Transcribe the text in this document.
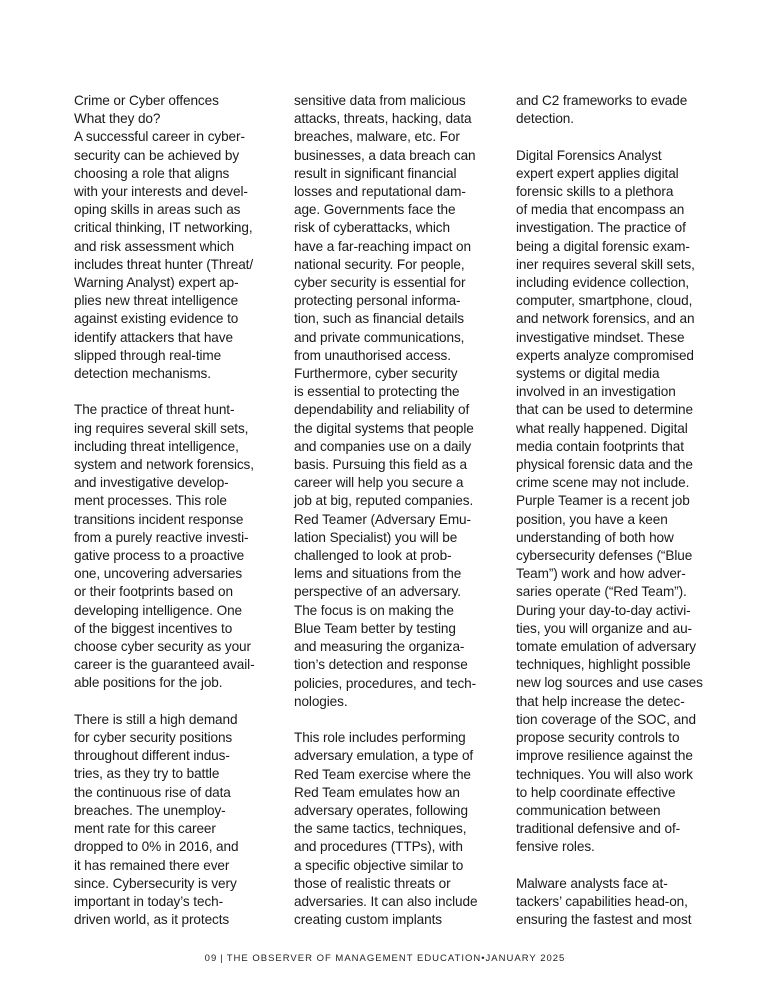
Crime or Cyber offences
What they do?
A successful career in cyber-
security can be achieved by
choosing a role that aligns
with your interests and devel-
oping skills in areas such as
critical thinking, IT networking,
and risk assessment which
includes threat hunter (Threat/
Warning Analyst) expert ap-
plies new threat intelligence
against existing evidence to
identify attackers that have
slipped through real-time
detection mechanisms.

The practice of threat hunt-
ing requires several skill sets,
including threat intelligence,
system and network forensics,
and investigative develop-
ment processes. This role
transitions incident response
from a purely reactive investi-
gative process to a proactive
one, uncovering adversaries
or their footprints based on
developing intelligence. One
of the biggest incentives to
choose cyber security as your
career is the guaranteed avail-
able positions for the job.

There is still a high demand
for cyber security positions
throughout different indus-
tries, as they try to battle
the continuous rise of data
breaches. The unemploy-
ment rate for this career
dropped to 0% in 2016, and
it has remained there ever
since. Cybersecurity is very
important in today’s tech-
driven world, as it protects

sensitive data from malicious
attacks, threats, hacking, data
breaches, malware, etc. For
businesses, a data breach can
result in significant financial
losses and reputational dam-
age. Governments face the
risk of cyberattacks, which
have a far-reaching impact on
national security. For people,
cyber security is essential for
protecting personal informa-
tion, such as financial details
and private communications,
from unauthorised access.
Furthermore, cyber security
is essential to protecting the
dependability and reliability of
the digital systems that people
and companies use on a daily
basis. Pursuing this field as a
career will help you secure a
job at big, reputed companies.
Red Teamer (Adversary Emu-
lation Specialist) you will be
challenged to look at prob-
lems and situations from the
perspective of an adversary.
The focus is on making the
Blue Team better by testing
and measuring the organiza-
tion’s detection and response
policies, procedures, and tech-
nologies.

This role includes performing
adversary emulation, a type of
Red Team exercise where the
Red Team emulates how an
adversary operates, following
the same tactics, techniques,
and procedures (TTPs), with
a specific objective similar to
those of realistic threats or
adversaries. It can also include
creating custom implants

and C2 frameworks to evade
detection.

Digital Forensics Analyst
expert expert applies digital
forensic skills to a plethora
of media that encompass an
investigation. The practice of
being a digital forensic exam-
iner requires several skill sets,
including evidence collection,
computer, smartphone, cloud,
and network forensics, and an
investigative mindset. These
experts analyze compromised
systems or digital media
involved in an investigation
that can be used to determine
what really happened. Digital
media contain footprints that
physical forensic data and the
crime scene may not include.
Purple Teamer is a recent job
position, you have a keen
understanding of both how
cybersecurity defenses (“Blue
Team”) work and how adver-
saries operate (“Red Team”).
During your day-to-day activi-
ties, you will organize and au-
tomate emulation of adversary
techniques, highlight possible
new log sources and use cases
that help increase the detec-
tion coverage of the SOC, and
propose security controls to
improve resilience against the
techniques. You will also work
to help coordinate effective
communication between
traditional defensive and of-
fensive roles.

Malware analysts face at-
tackers’ capabilities head-on,
ensuring the fastest and most

09 | THE OBSERVER OF MANAGEMENT EDUCATION•JANUARY 2025
